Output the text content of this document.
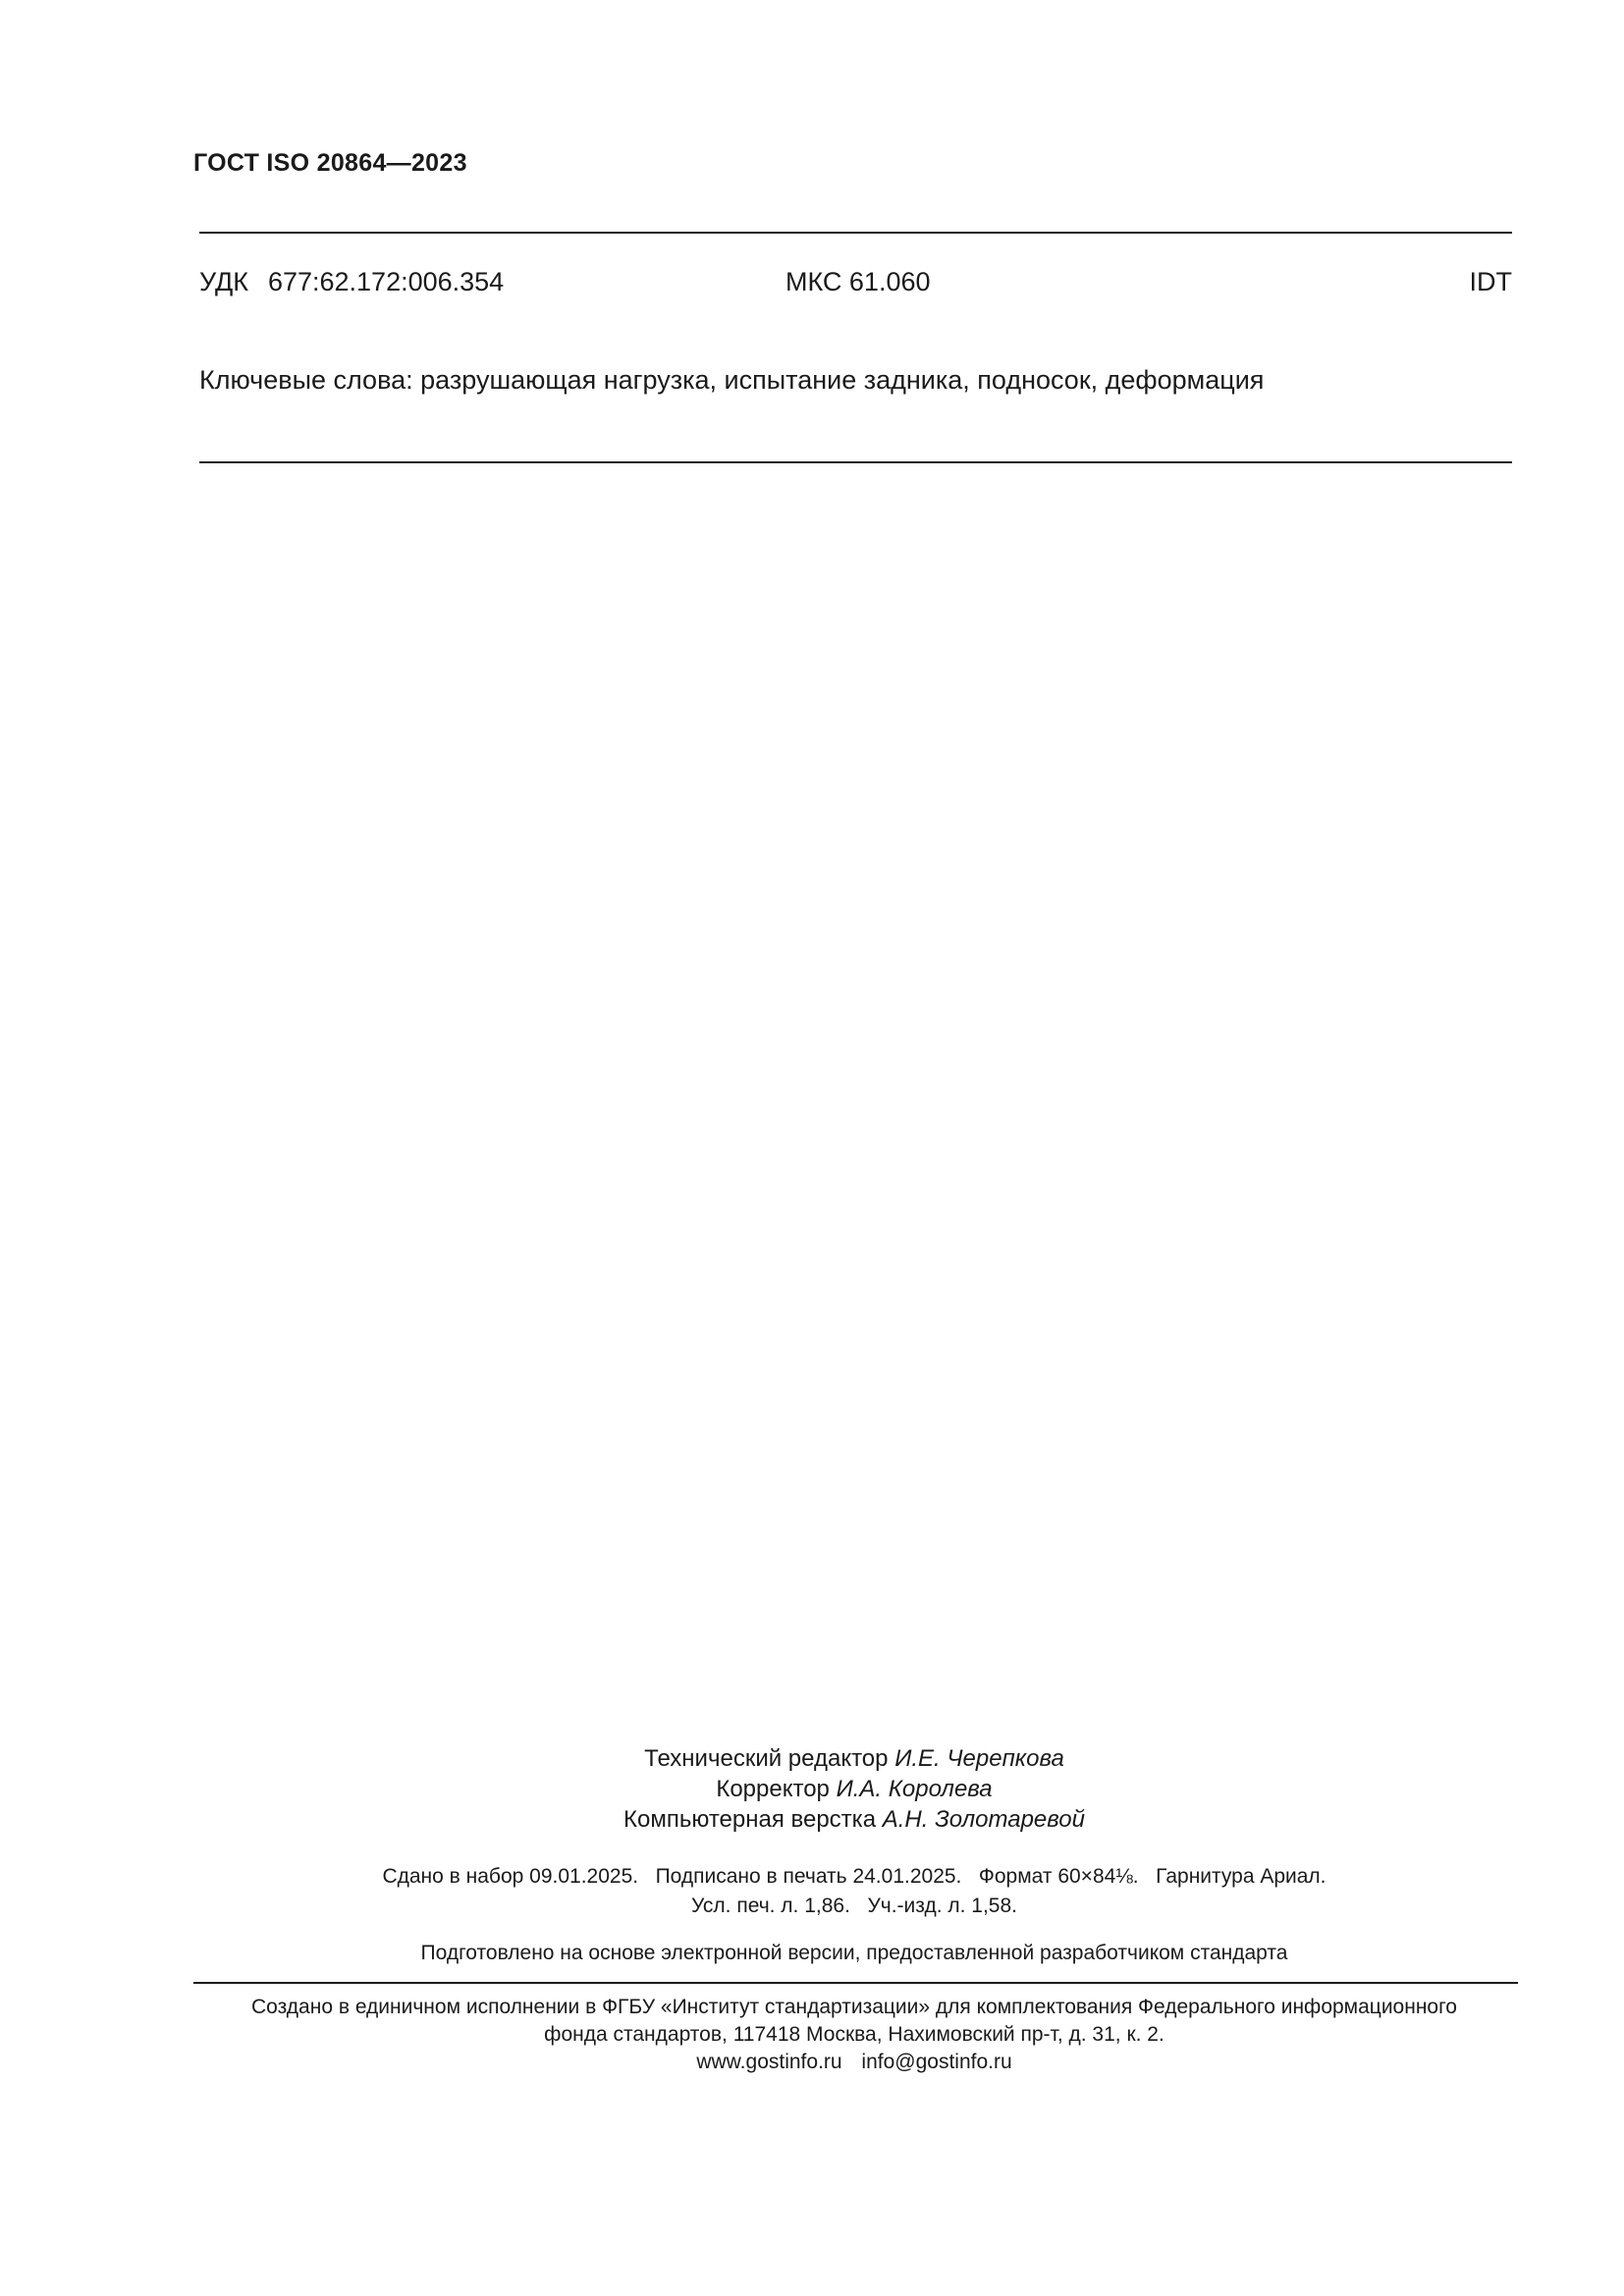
ГОСТ ISO 20864—2023
УДК 677:62.172:006.354	МКС 61.060	IDT
Ключевые слова: разрушающая нагрузка, испытание задника, подносок, деформация
Технический редактор И.Е. Черепкова
Корректор И.А. Королева
Компьютерная верстка А.Н. Золотаревой
Сдано в набор 09.01.2025.   Подписано в печать 24.01.2025.   Формат 60×84⅛.   Гарнитура Ариал.
Усл. печ. л. 1,86.   Уч.-изд. л. 1,58.
Подготовлено на основе электронной версии, предоставленной разработчиком стандарта
Создано в единичном исполнении в ФГБУ «Институт стандартизации» для комплектования Федерального информационного
фонда стандартов, 117418 Москва, Нахимовский пр-т, д. 31, к. 2.
www.gostinfo.ru info@gostinfo.ru
